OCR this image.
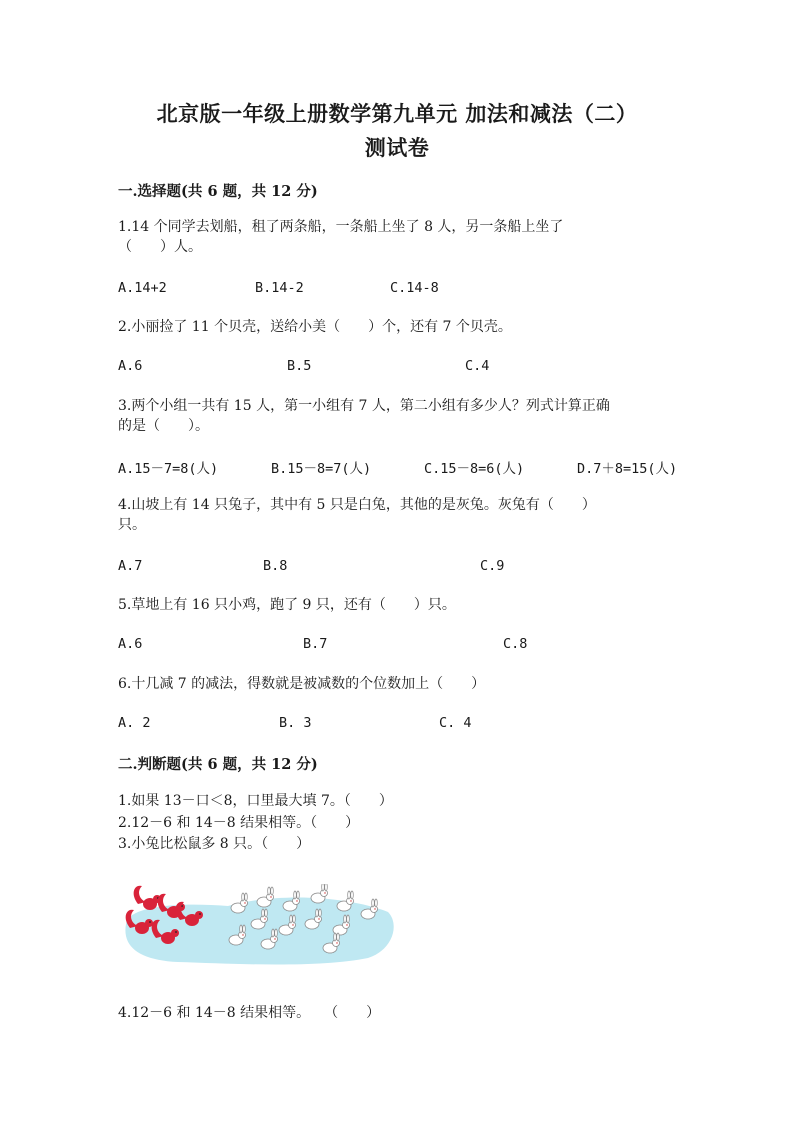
北京版一年级上册数学第九单元 加法和减法（二）
测试卷
一.选择题(共 6 题，共 12 分)
1.14 个同学去划船，租了两条船，一条船上坐了 8 人，另一条船上坐了
（　　）人。
A.14+2	B.14-2	C.14-8
2.小丽捡了 11 个贝壳，送给小美（　　）个，还有 7 个贝壳。
A.6	B.5	C.4
3.两个小组一共有 15 人，第一小组有 7 人，第二小组有多少人？列式计算正确
的是（　　）。
A.15－7=8(人)	B.15－8=7(人)	C.15－8=6(人)	D.7＋8=15(人)
4.山坡上有 14 只兔子，其中有 5 只是白兔，其他的是灰兔。灰兔有（　　）
只。
A.7	B.8	C.9
5.草地上有 16 只小鸡，跑了 9 只，还有（　　）只。
A.6	B.7	C.8
6.十几减 7 的减法，得数就是被减数的个位数加上（　　）
A. 2	B. 3	C. 4
二.判断题(共 6 题，共 12 分)
1.如果 13－口＜8，口里最大填 7。（　　）
2.12－6 和 14－8 结果相等。（　　）
3.小兔比松鼠多 8 只。（　　）
4.12－6 和 14－8 结果相等。　　（　　）
